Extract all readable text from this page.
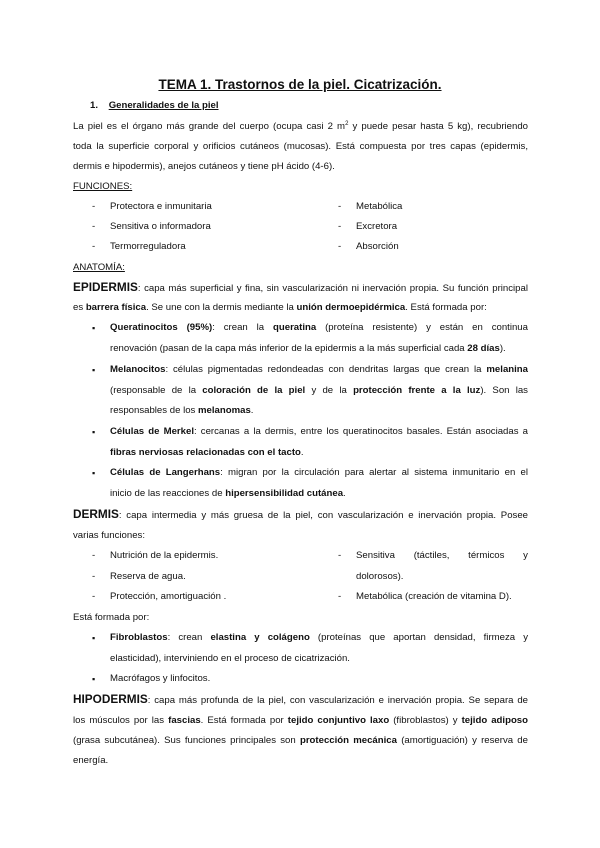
TEMA 1. Trastornos de la piel. Cicatrización.
1. Generalidades de la piel
La piel es el órgano más grande del cuerpo (ocupa casi 2 $m^2$ y puede pesar hasta 5 kg), recubriendo
toda la superficie corporal y orificios cutáneos (mucosas). Está compuesta por tres capas (epidermis,
dermis e hipodermis), anejos cutáneos y tiene pH ácido (4-6).
FUNCIONES:
- Protectora e inmunitaria
- Sensitiva o informadora
- Termorreguladora
- Metabólica
- Excretora
- Absorción
ANATOMÍA:
EPIDERMIS: capa más superficial y fina, sin vascularización ni inervación propia. Su función principal
es barrera física. Se une con la dermis mediante la unión dermoepidérmica. Está formada por:
▪ Queratinocitos (95%): crean la queratina (proteína resistente) y están en continua
renovación (pasan de la capa más inferior de la epidermis a la más superficial cada 28 días).
▪ Melanocitos: células pigmentadas redondeadas con dendritas largas que crean la melanina
(responsable de la coloración de la piel y de la protección frente a la luz). Son las
responsables de los melanomas.
▪ Células de Merkel: cercanas a la dermis, entre los queratinocitos basales. Están asociadas a
fibras nerviosas relacionadas con el tacto.
▪ Células de Langerhans: migran por la circulación para alertar al sistema inmunitario en el
inicio de las reacciones de hipersensibilidad cutánea.
DERMIS: capa intermedia y más gruesa de la piel, con vascularización e inervación propia. Posee
varias funciones:
- Nutrición de la epidermis.
- Reserva de agua.
- Protección, amortiguación .
- Sensitiva (táctiles, térmicos y
dolorosos).
- Metabólica (creación de vitamina D).
Está formada por:
▪ Fibroblastos: crean elastina y colágeno (proteínas que aportan densidad, firmeza y
elasticidad), interviniendo en el proceso de cicatrización.
▪ Macrófagos y linfocitos.
HIPODERMIS: capa más profunda de la piel, con vascularización e inervación propia. Se separa de
los músculos por las fascias. Está formada por tejido conjuntivo laxo (fibroblastos) y tejido adiposo
(grasa subcutánea). Sus funciones principales son protección mecánica (amortiguación) y reserva de
energía.
